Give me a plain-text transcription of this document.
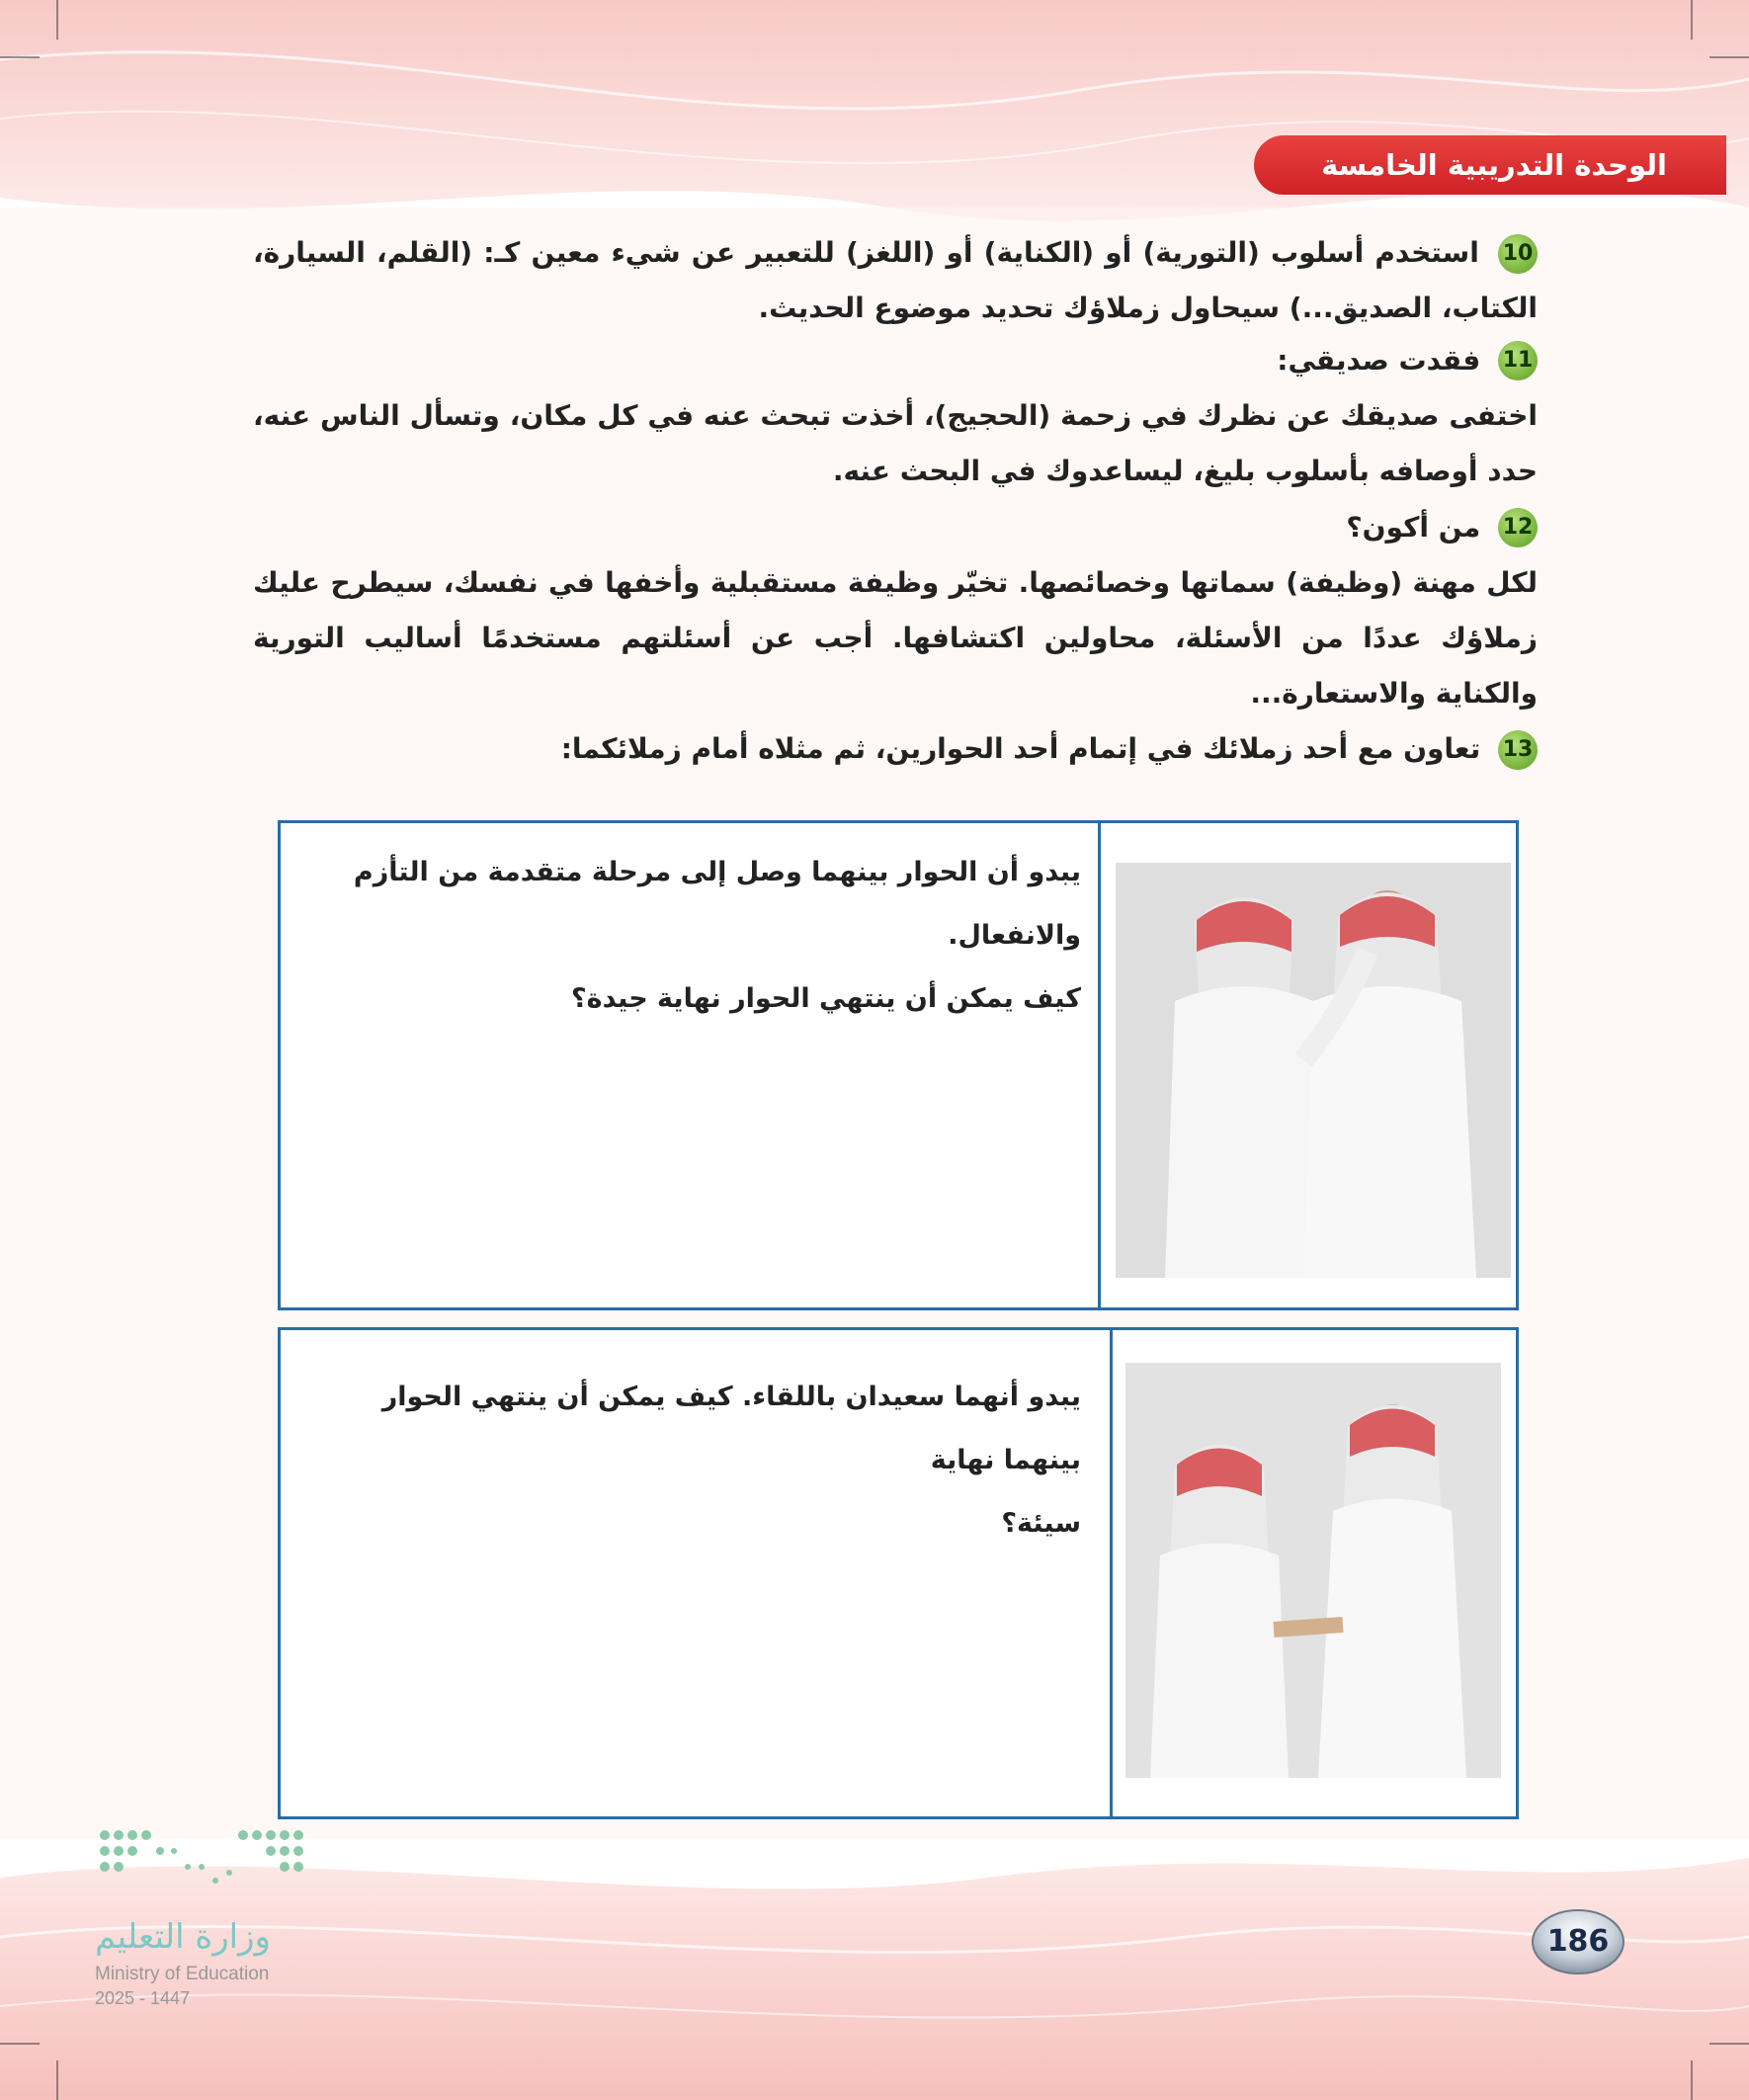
الوحدة التدريبية الخامسة
10 استخدم أسلوب (التورية) أو (الكناية) أو (اللغز) للتعبير عن شيء معين كـ: (القلم، السيارة، الكتاب، الصديق...) سيحاول زملاؤك تحديد موضوع الحديث.
11 فقدت صديقي:
اختفى صديقك عن نظرك في زحمة (الحجيج)، أخذت تبحث عنه في كل مكان، وتسأل الناس عنه، حدد أوصافه بأسلوب بليغ، ليساعدوك في البحث عنه.
12 من أكون؟
لكل مهنة (وظيفة) سماتها وخصائصها. تخيّر وظيفة مستقبلية وأخفها في نفسك، سيطرح عليك زملاؤك عددًا من الأسئلة، محاولين اكتشافها. أجب عن أسئلتهم مستخدمًا أساليب التورية والكناية والاستعارة...
13 تعاون مع أحد زملائك في إتمام أحد الحوارين، ثم مثلاه أمام زملائكما:
يبدو أن الحوار بينهما وصل إلى مرحلة متقدمة من التأزم والانفعال.
كيف يمكن أن ينتهي الحوار نهاية جيدة؟
يبدو أنهما سعيدان باللقاء. كيف يمكن أن ينتهي الحوار بينهما نهاية
سيئة؟
وزارة التعليم
Ministry of Education
2025 - 1447
186
